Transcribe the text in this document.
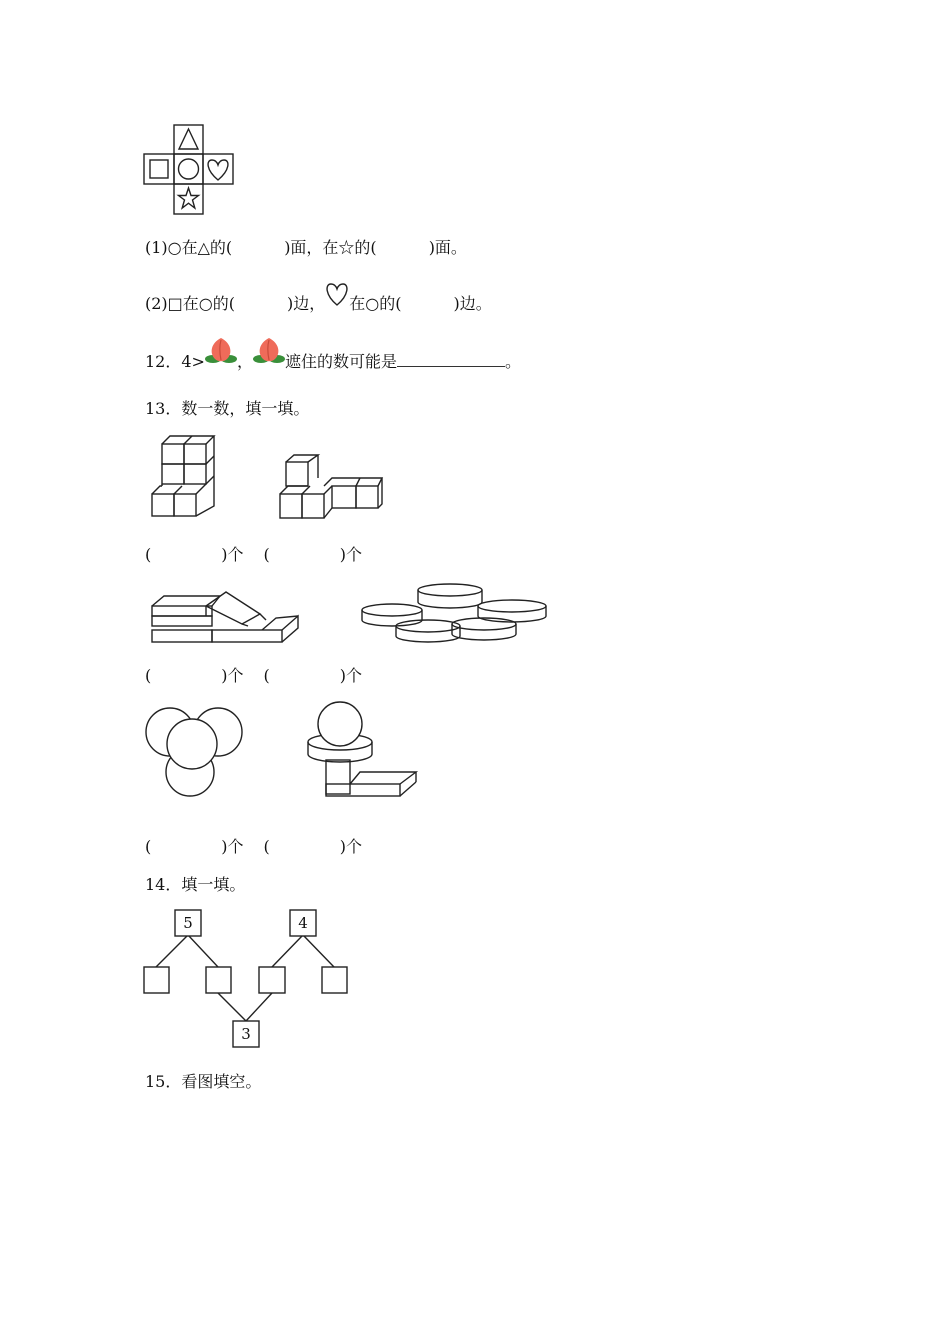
(1)○在△的(	)面，在☆的(	)面。
(2)□在○的(	)边， 在○的(	)边。
12．4> ， 遮住的数可能是	。
13．数一数，填一填。
(	)个 (	)个
(	)个 (	)个
(	)个 (	)个
14．填一填。
5	4
3
15．看图填空。
